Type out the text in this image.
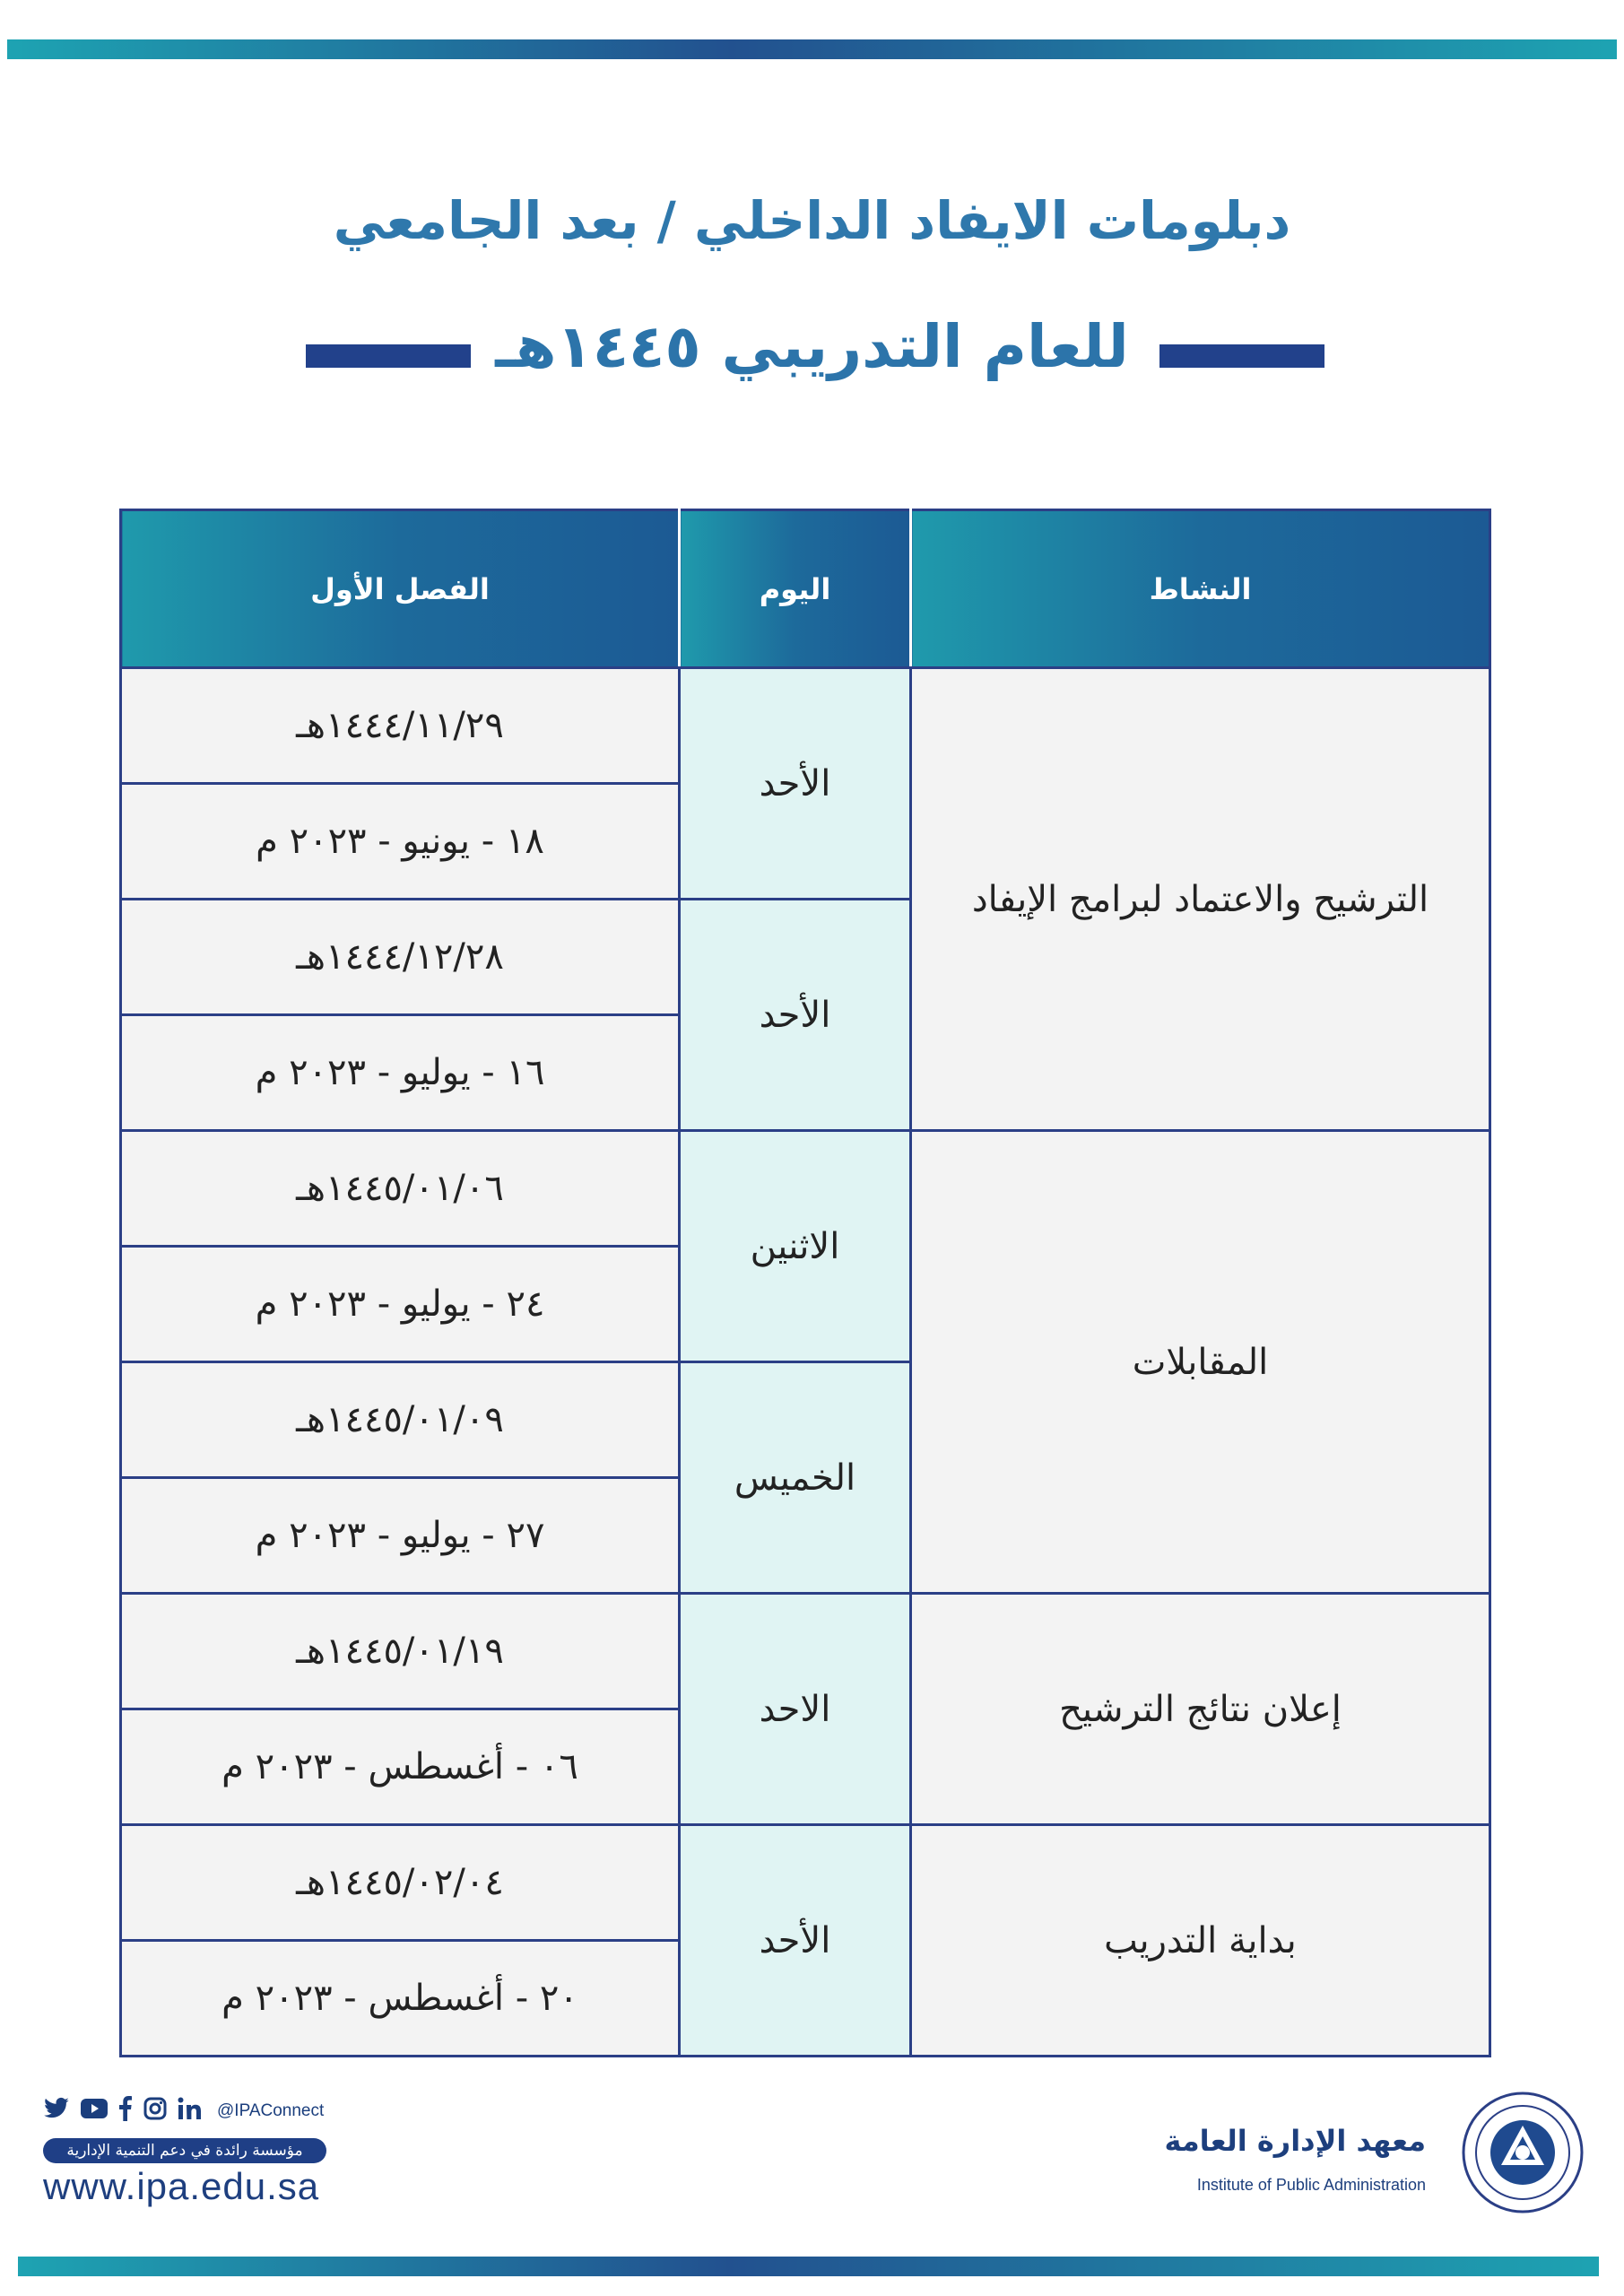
دبلومات الايفاد الداخلي / بعد الجامعي
للعام التدريبي ١٤٤٥هـ
النشاط	اليوم	الفصل الأول
الترشيح والاعتماد لبرامج الإيفاد	الأحد	١٤٤٤/١١/٢٩هـ
		١٨ - يونيو - ٢٠٢٣ م
	الأحد	١٤٤٤/١٢/٢٨هـ
		١٦ - يوليو - ٢٠٢٣ م
المقابلات	الاثنين	١٤٤٥/٠١/٠٦هـ
		٢٤ - يوليو - ٢٠٢٣ م
	الخميس	١٤٤٥/٠١/٠٩هـ
		٢٧ - يوليو - ٢٠٢٣ م
إعلان نتائج الترشيح	الاحد	١٤٤٥/٠١/١٩هـ
		٠٦ - أغسطس - ٢٠٢٣ م
بداية التدريب	الأحد	١٤٤٥/٠٢/٠٤هـ
		٢٠ - أغسطس - ٢٠٢٣ م
@IPAConnect
مؤسسة رائدة في دعم التنمية الإدارية
www.ipa.edu.sa
معهد الإدارة العامة
Institute of Public Administration
